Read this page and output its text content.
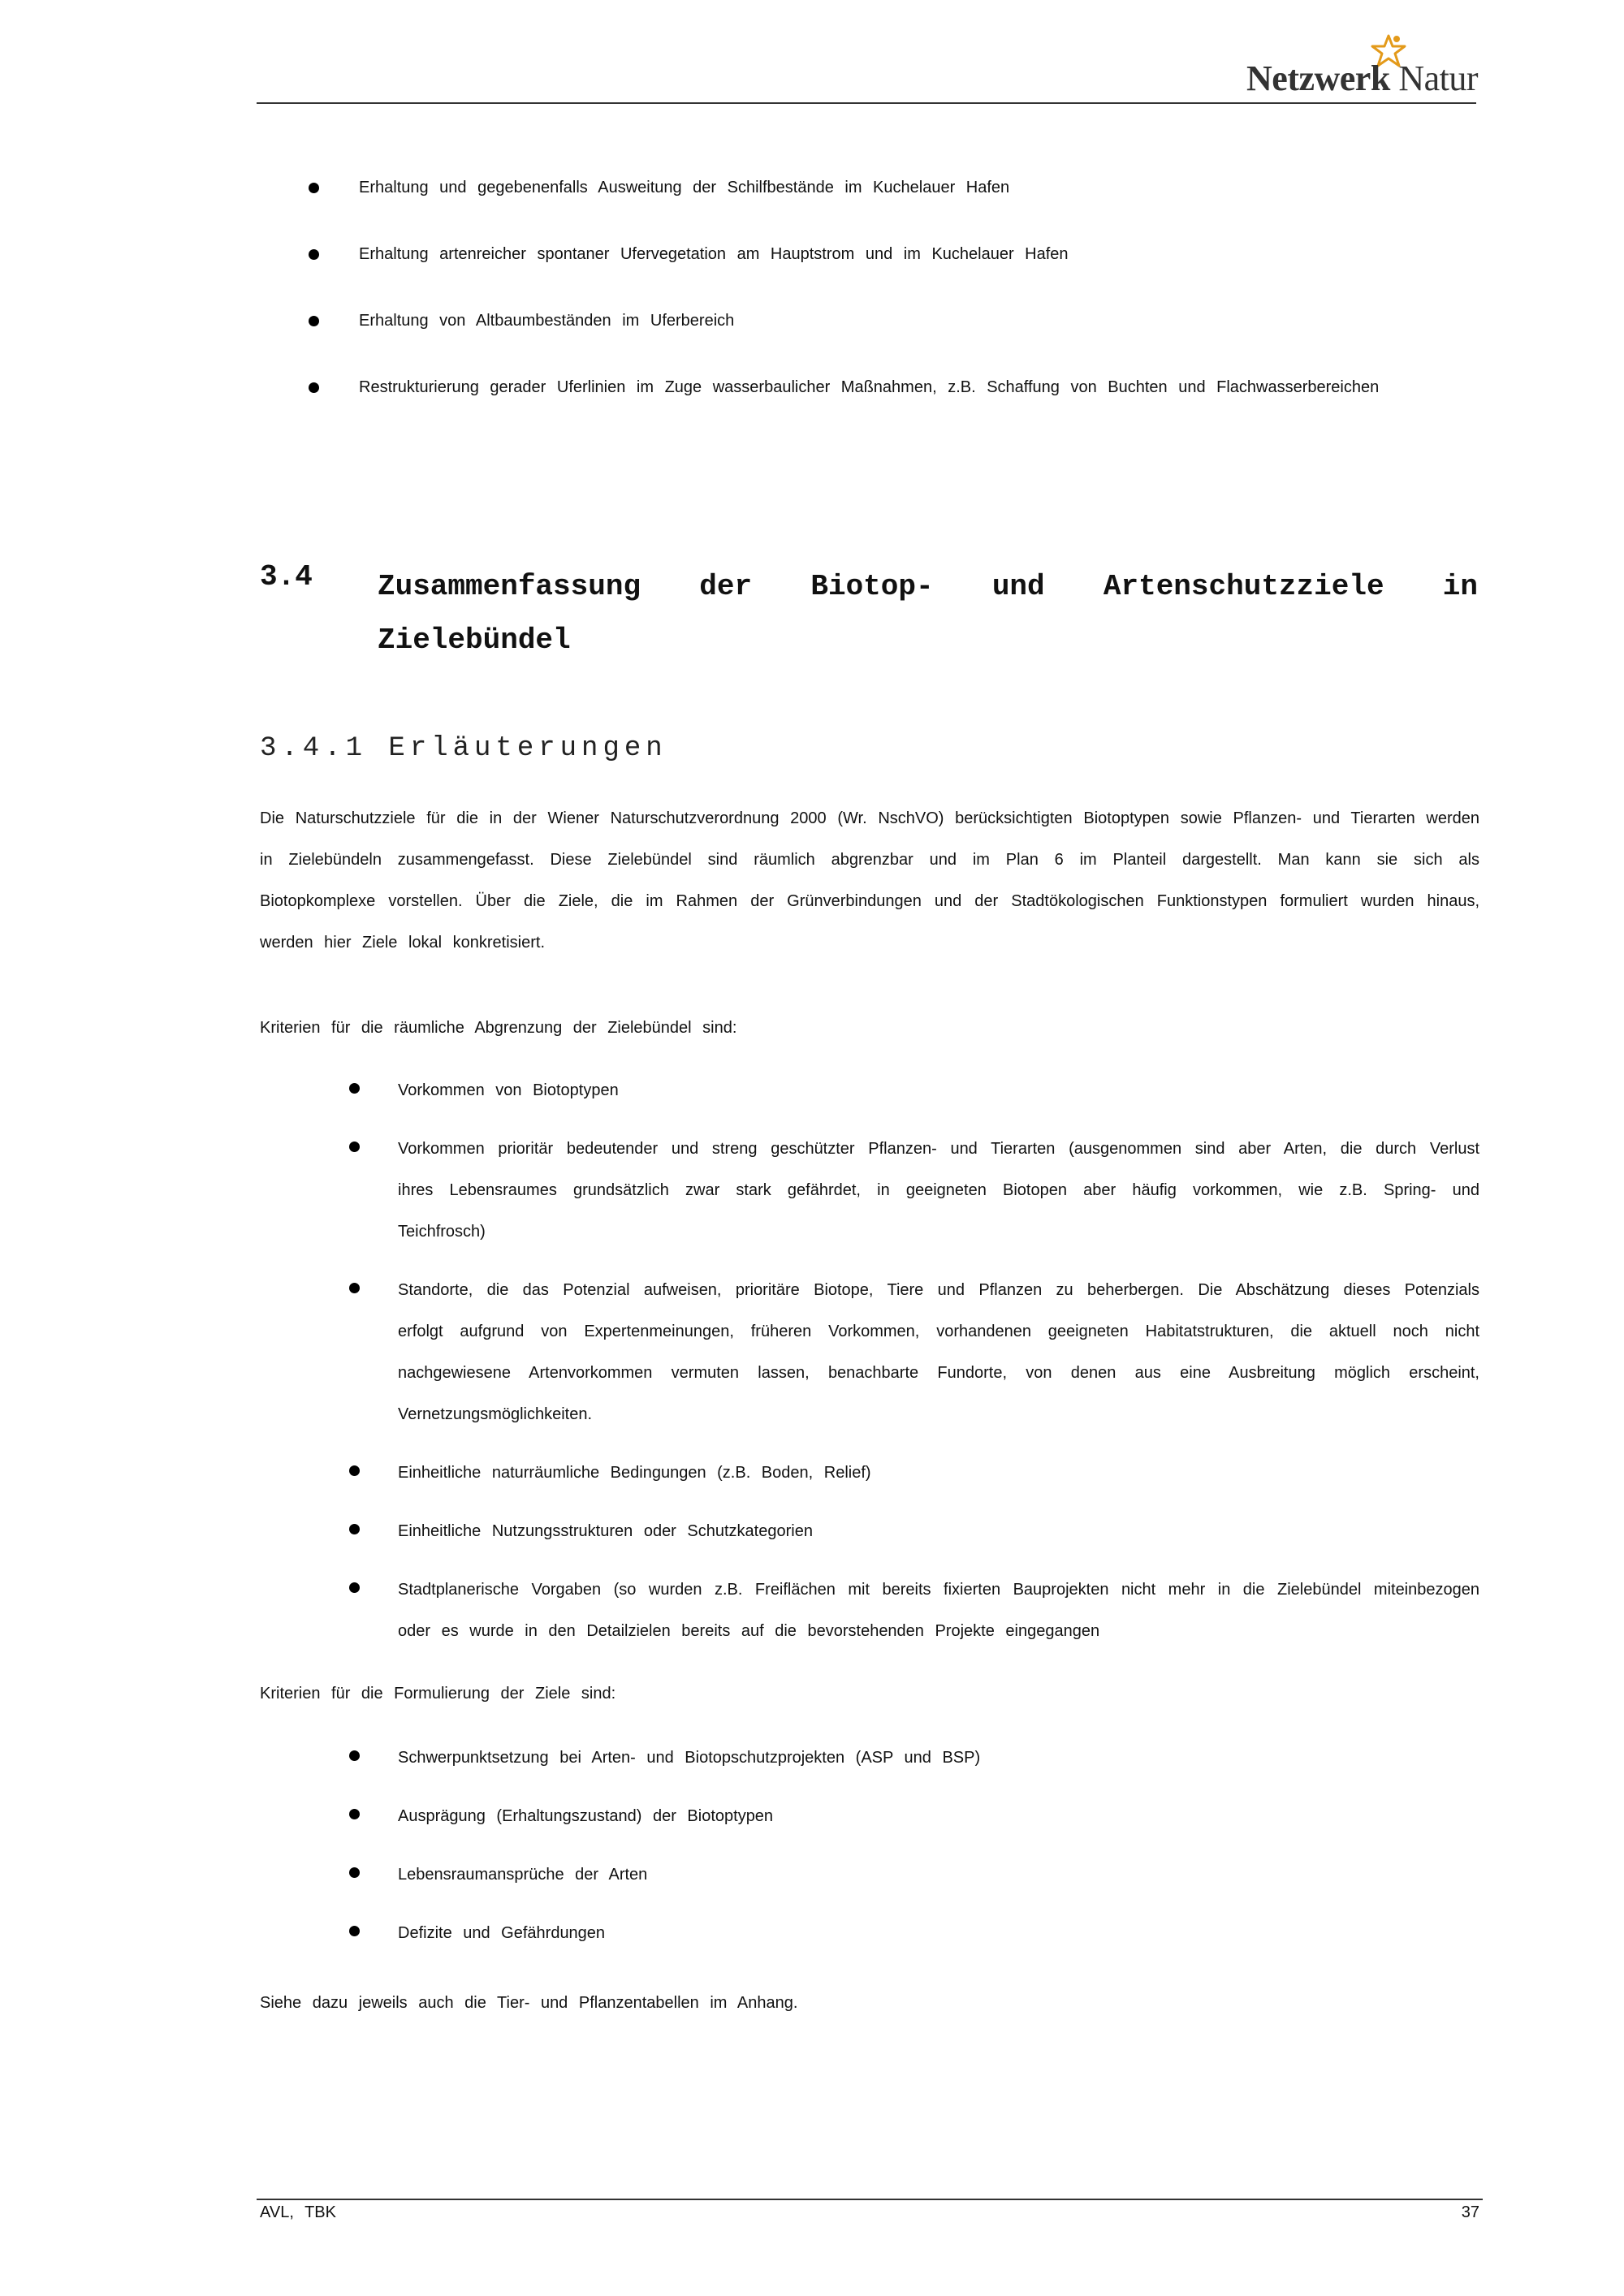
Netzwerk Natur
Erhaltung und gegebenenfalls Ausweitung der Schilfbestände im Kuchelauer Hafen
Erhaltung artenreicher spontaner Ufervegetation am Hauptstrom und im Kuchelauer Hafen
Erhaltung von Altbaumbeständen im Uferbereich
Restrukturierung gerader Uferlinien im Zuge wasserbaulicher Maßnahmen, z.B. Schaffung von Buchten und Flachwasserbereichen
3.4 Zusammenfassung der Biotop- und Artenschutzziele in Zielebündel
3.4.1 Erläuterungen
Die Naturschutzziele für die in der Wiener Naturschutzverordnung 2000 (Wr. NschVO) berücksichtigten Biotoptypen sowie Pflanzen- und Tierarten werden in Zielebündeln zusammengefasst. Diese Zielebündel sind räumlich abgrenzbar und im Plan 6 im Planteil dargestellt. Man kann sie sich als Biotopkomplexe vorstellen. Über die Ziele, die im Rahmen der Grünverbindungen und der Stadtökologischen Funktionstypen formuliert wurden hinaus, werden hier Ziele lokal konkretisiert.
Kriterien für die räumliche Abgrenzung der Zielebündel sind:
Vorkommen von Biotoptypen
Vorkommen prioritär bedeutender und streng geschützter Pflanzen- und Tierarten (ausgenommen sind aber Arten, die durch Verlust ihres Lebensraumes grundsätzlich zwar stark gefährdet, in geeigneten Biotopen aber häufig vorkommen, wie z.B. Spring- und Teichfrosch)
Standorte, die das Potenzial aufweisen, prioritäre Biotope, Tiere und Pflanzen zu beherbergen. Die Abschätzung dieses Potenzials erfolgt aufgrund von Expertenmeinungen, früheren Vorkommen, vorhandenen geeigneten Habitatstrukturen, die aktuell noch nicht nachgewiesene Artenvorkommen vermuten lassen, benachbarte Fundorte, von denen aus eine Ausbreitung möglich erscheint, Vernetzungsmöglichkeiten.
Einheitliche naturräumliche Bedingungen (z.B. Boden, Relief)
Einheitliche Nutzungsstrukturen oder Schutzkategorien
Stadtplanerische Vorgaben (so wurden z.B. Freiflächen mit bereits fixierten Bauprojekten nicht mehr in die Zielebündel miteinbezogen oder es wurde in den Detailzielen bereits auf die bevorstehenden Projekte eingegangen
Kriterien für die Formulierung der Ziele sind:
Schwerpunktsetzung bei Arten- und Biotopschutzprojekten (ASP und BSP)
Ausprägung (Erhaltungszustand) der Biotoptypen
Lebensraumansprüche der Arten
Defizite und Gefährdungen
Siehe dazu jeweils auch die Tier- und Pflanzentabellen im Anhang.
AVL, TBK	37
